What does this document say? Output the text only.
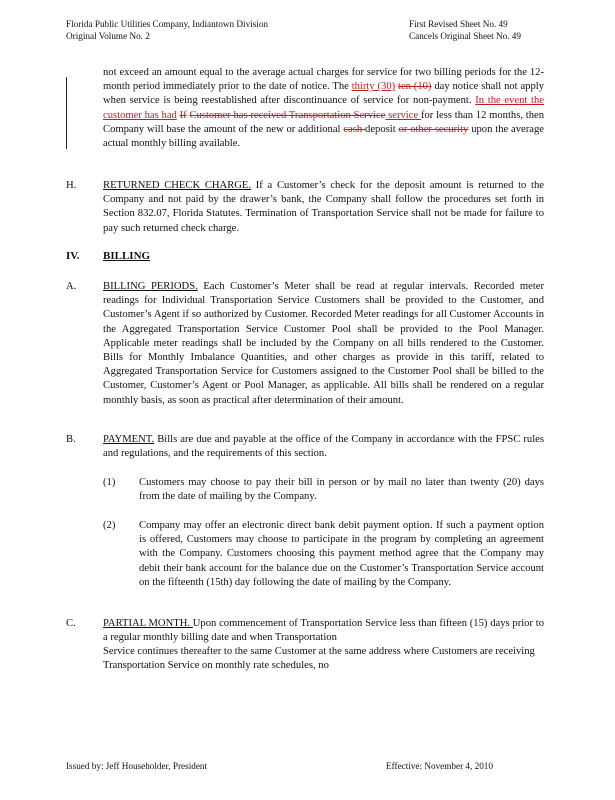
Florida Public Utilities Company, Indiantown Division
Original Volume No. 2
First Revised Sheet No. 49
Cancels Original Sheet No. 49
not exceed an amount equal to the average actual charges for service for two billing periods for the 12-month period immediately prior to the date of notice. The thirty (30) ten (10) day notice shall not apply when service is being reestablished after discontinuance of service for non-payment. In the event the customer has had If Customer has received Transportation Service service for less than 12 months, then Company will base the amount of the new or additional cash deposit or other security upon the average actual monthly billing available.
H.	RETURNED CHECK CHARGE. If a Customer’s check for the deposit amount is returned to the Company and not paid by the drawer’s bank, the Company shall follow the procedures set forth in Section 832.07, Florida Statutes. Termination of Transportation Service shall not be made for failure to pay such returned check charge.
IV. BILLING
A.	BILLING PERIODS. Each Customer’s Meter shall be read at regular intervals. Recorded meter readings for Individual Transportation Service Customers shall be provided to the Customer, and Customer’s Agent if so authorized by Customer. Recorded Meter readings for all Customer Accounts in the Aggregated Transportation Service Customer Pool shall be provided to the Pool Manager. Applicable meter readings shall be included by the Company on all bills rendered to the Customer. Bills for Monthly Imbalance Quantities, and other charges as provide in this tariff, related to Aggregated Transportation Service for Customers assigned to the Customer Pool shall be billed to the Customer, Customer’s Agent or Pool Manager, as applicable. All bills shall be rendered on a regular monthly basis, as soon as practical after determination of their amount.
B.	PAYMENT. Bills are due and payable at the office of the Company in accordance with the FPSC rules and regulations, and the requirements of this section.
(1) Customers may choose to pay their bill in person or by mail no later than twenty (20) days from the date of mailing by the Company.
(2) Company may offer an electronic direct bank debit payment option. If such a payment option is offered, Customers may choose to participate in the program by completing an agreement with the Company. Customers choosing this payment method agree that the Company may debit their bank account for the balance due on the Customer’s Transportation Service account on the fifteenth (15th) day following the date of mailing by the Company.
C.	PARTIAL MONTH. Upon commencement of Transportation Service less than fifteen (15) days prior to a regular monthly billing date and when Transportation
Service continues thereafter to the same Customer at the same address where Customers are receiving Transportation Service on monthly rate schedules, no
Issued by: Jeff Householder, President	Effective: November 4, 2010
